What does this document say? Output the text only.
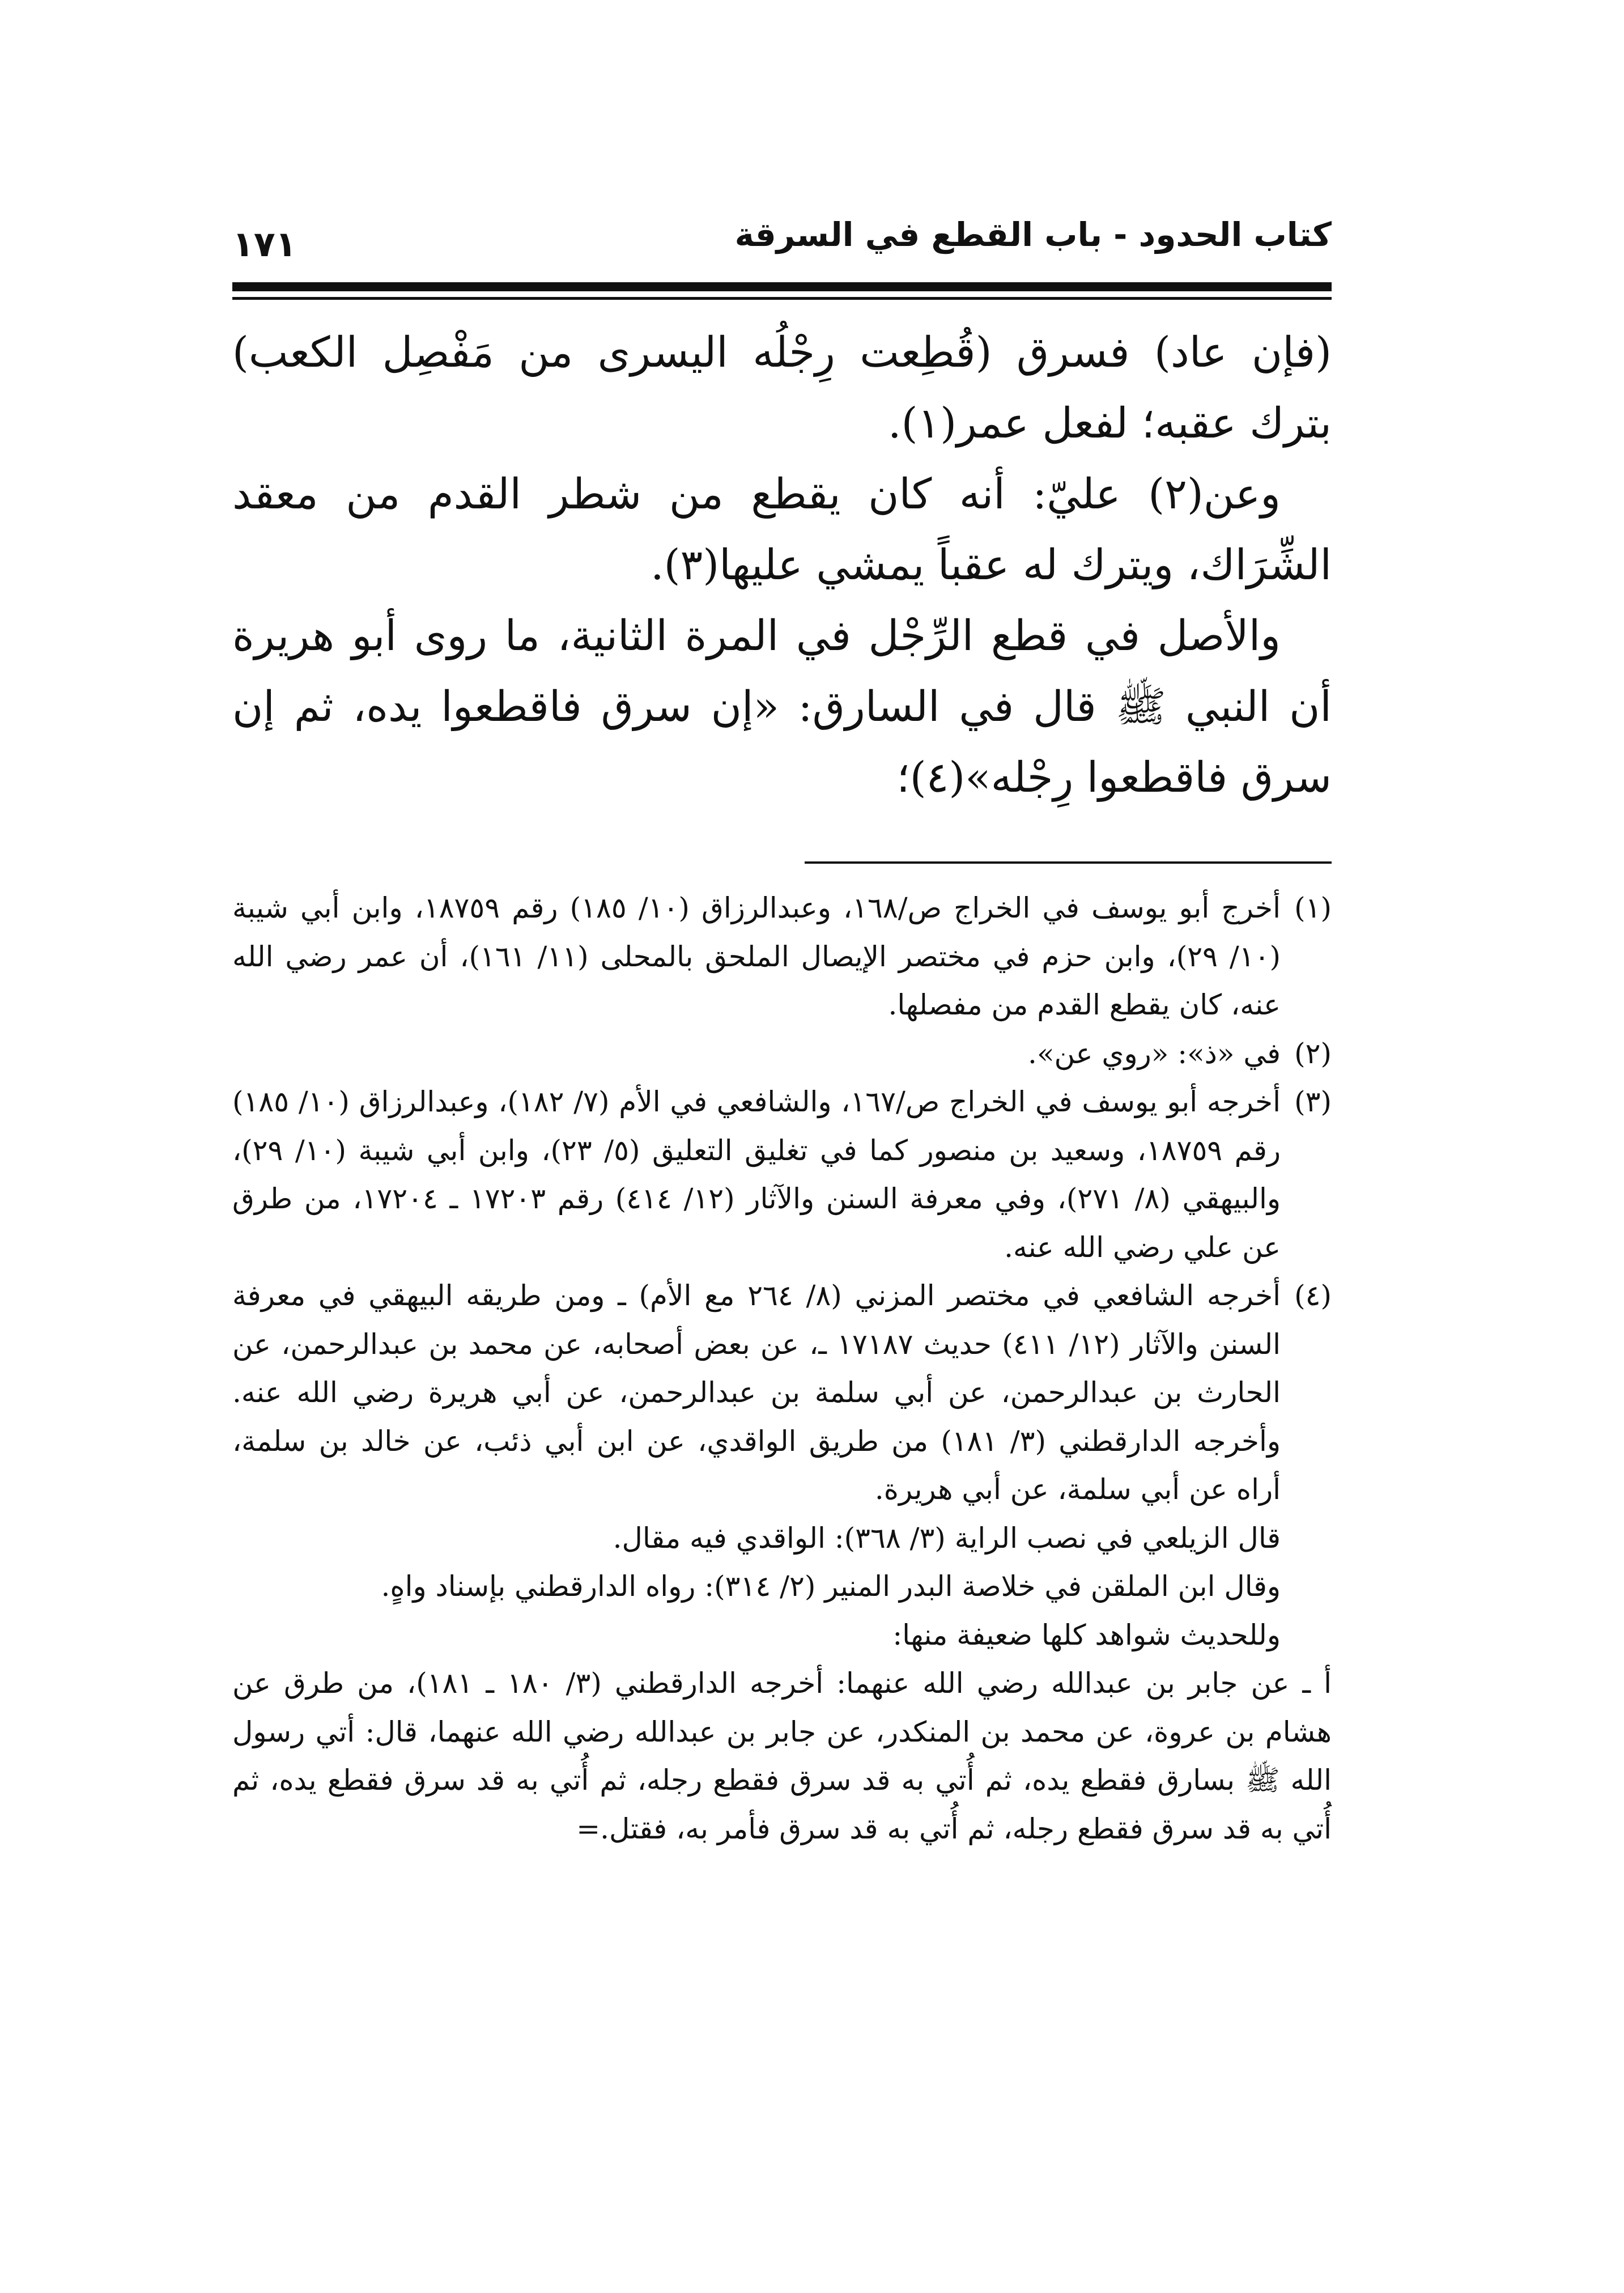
١٧١	كتاب الحدود - باب القطع في السرقة

(فإن عاد) فسرق (قُطِعت رِجْلُه اليسرى من مَفْصِل الكعب) بترك عقبه؛ لفعل عمر(١).

وعن(٢) عليّ: أنه كان يقطع من شطر القدم من معقد الشِّرَاك، ويترك له عقباً يمشي عليها(٣).

والأصل في قطع الرِّجْل في المرة الثانية، ما روى أبو هريرة أن النبي ﷺ قال في السارق: «إن سرق فاقطعوا يده، ثم إن سرق فاقطعوا رِجْله»(٤)؛

(١)
أخرج أبو يوسف في الخراج ص/١٦٨، وعبدالرزاق (١٠/ ١٨٥) رقم ١٨٧٥٩، وابن أبي شيبة (١٠/ ٢٩)، وابن حزم في مختصر الإيصال الملحق بالمحلى (١١/ ١٦١)، أن عمر رضي الله عنه، كان يقطع القدم من مفصلها.
(٢)
في «ذ»: «روي عن».
(٣)
أخرجه أبو يوسف في الخراج ص/١٦٧، والشافعي في الأم (٧/ ١٨٢)، وعبدالرزاق (١٠/ ١٨٥) رقم ١٨٧٥٩، وسعيد بن منصور كما في تغليق التعليق (٥/ ٢٣)، وابن أبي شيبة (١٠/ ٢٩)، والبيهقي (٨/ ٢٧١)، وفي معرفة السنن والآثار (١٢/ ٤١٤) رقم ١٧٢٠٣ ـ ١٧٢٠٤، من طرق عن علي رضي الله عنه.
(٤)
أخرجه الشافعي في مختصر المزني (٨/ ٢٦٤ مع الأم) ـ ومن طريقه البيهقي في معرفة السنن والآثار (١٢/ ٤١١) حديث ١٧١٨٧ ـ، عن بعض أصحابه، عن محمد بن عبدالرحمن، عن الحارث بن عبدالرحمن، عن أبي سلمة بن عبدالرحمن، عن أبي هريرة رضي الله عنه. وأخرجه الدارقطني (٣/ ١٨١) من طريق الواقدي، عن ابن أبي ذئب، عن خالد بن سلمة، أراه عن أبي سلمة، عن أبي هريرة.
قال الزيلعي في نصب الراية (٣/ ٣٦٨): الواقدي فيه مقال.
وقال ابن الملقن في خلاصة البدر المنير (٢/ ٣١٤): رواه الدارقطني بإسناد واهٍ.
وللحديث شواهد كلها ضعيفة منها:
أ ـ عن جابر بن عبدالله رضي الله عنهما: أخرجه الدارقطني (٣/ ١٨٠ ـ ١٨١)، من طرق عن هشام بن عروة، عن محمد بن المنكدر، عن جابر بن عبدالله رضي الله عنهما، قال: أتي رسول الله ﷺ بسارق فقطع يده، ثم أُتي به قد سرق فقطع رجله، ثم أُتي به قد سرق فقطع يده، ثم أُتي به قد سرق فقطع رجله، ثم أُتي به قد سرق فأمر به، فقتل.=
